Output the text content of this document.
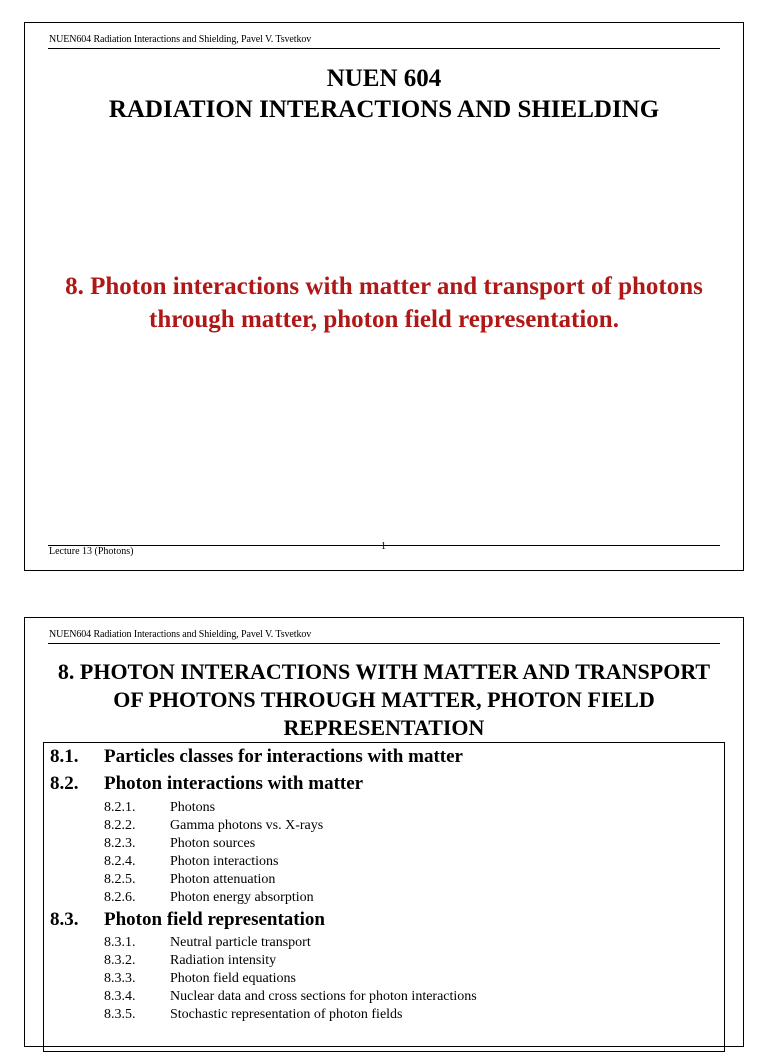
NUEN604 Radiation Interactions and Shielding, Pavel V. Tsvetkov
NUEN 604
RADIATION INTERACTIONS AND SHIELDING
8. Photon interactions with matter and transport of photons through matter, photon field representation.
Lecture 13 (Photons)	1
NUEN604 Radiation Interactions and Shielding, Pavel V. Tsvetkov
8. PHOTON INTERACTIONS WITH MATTER AND TRANSPORT OF PHOTONS THROUGH MATTER, PHOTON FIELD REPRESENTATION
8.1. Particles classes for interactions with matter
8.2. Photon interactions with matter
8.2.1. Photons
8.2.2. Gamma photons vs. X-rays
8.2.3. Photon sources
8.2.4. Photon interactions
8.2.5. Photon attenuation
8.2.6. Photon energy absorption
8.3. Photon field representation
8.3.1. Neutral particle transport
8.3.2. Radiation intensity
8.3.3. Photon field equations
8.3.4. Nuclear data and cross sections for photon interactions
8.3.5. Stochastic representation of photon fields
